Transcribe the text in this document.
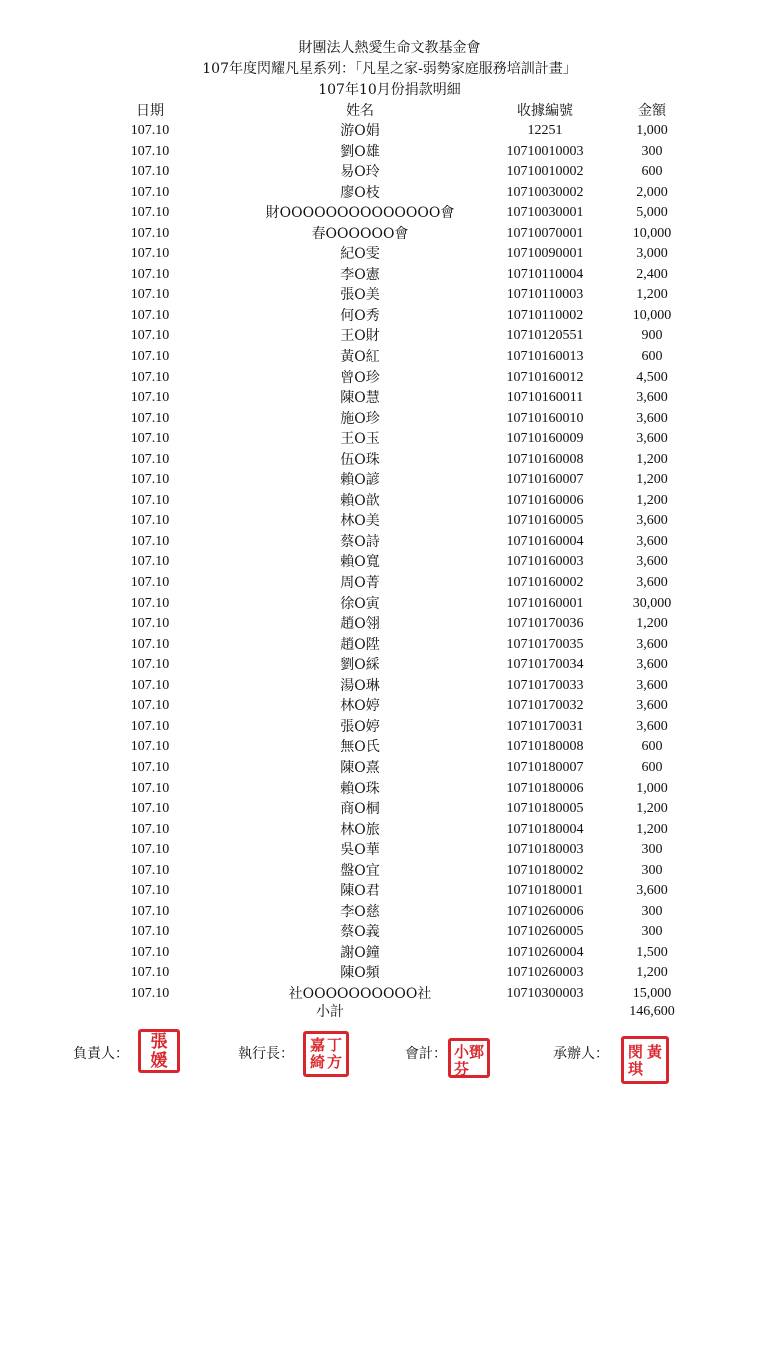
財團法人熱愛生命文教基金會
107年度閃耀凡星系列：「凡星之家-弱勢家庭服務培訓計畫」
107年10月份捐款明細
日期	姓名	收據編號	金額
107.10	游O娟	12251	1,000
107.10	劉O雄	10710010003	300
107.10	易O玲	10710010002	600
107.10	廖O枝	10710030002	2,000
107.10	財OOOOOOOOOOOOOO會	10710030001	5,000
107.10	春OOOOOO會	10710070001	10,000
107.10	紀O雯	10710090001	3,000
107.10	李O憲	10710110004	2,400
107.10	張O美	10710110003	1,200
107.10	何O秀	10710110002	10,000
107.10	王O財	10710120551	900
107.10	黃O紅	10710160013	600
107.10	曾O珍	10710160012	4,500
107.10	陳O慧	10710160011	3,600
107.10	施O珍	10710160010	3,600
107.10	王O玉	10710160009	3,600
107.10	伍O珠	10710160008	1,200
107.10	賴O諺	10710160007	1,200
107.10	賴O歆	10710160006	1,200
107.10	林O美	10710160005	3,600
107.10	蔡O詩	10710160004	3,600
107.10	賴O寬	10710160003	3,600
107.10	周O菁	10710160002	3,600
107.10	徐O寅	10710160001	30,000
107.10	趙O翎	10710170036	1,200
107.10	趙O陞	10710170035	3,600
107.10	劉O綵	10710170034	3,600
107.10	湯O琳	10710170033	3,600
107.10	林O婷	10710170032	3,600
107.10	張O婷	10710170031	3,600
107.10	無O氏	10710180008	600
107.10	陳O熹	10710180007	600
107.10	賴O珠	10710180006	1,000
107.10	商O桐	10710180005	1,200
107.10	林O旅	10710180004	1,200
107.10	吳O華	10710180003	300
107.10	盤O宜	10710180002	300
107.10	陳O君	10710180001	3,600
107.10	李O慈	10710260006	300
107.10	蔡O義	10710260005	300
107.10	謝O鐘	10710260004	1,500
107.10	陳O頻	10710260003	1,200
107.10	社OOOOOOOOOO社	10710300003	15,000
小計	146,600
負責人：
張
媛	執行長： 嘉
綺
丁
方	會計： 小
芬
鄧	承辦人： 閔
琪
黃
